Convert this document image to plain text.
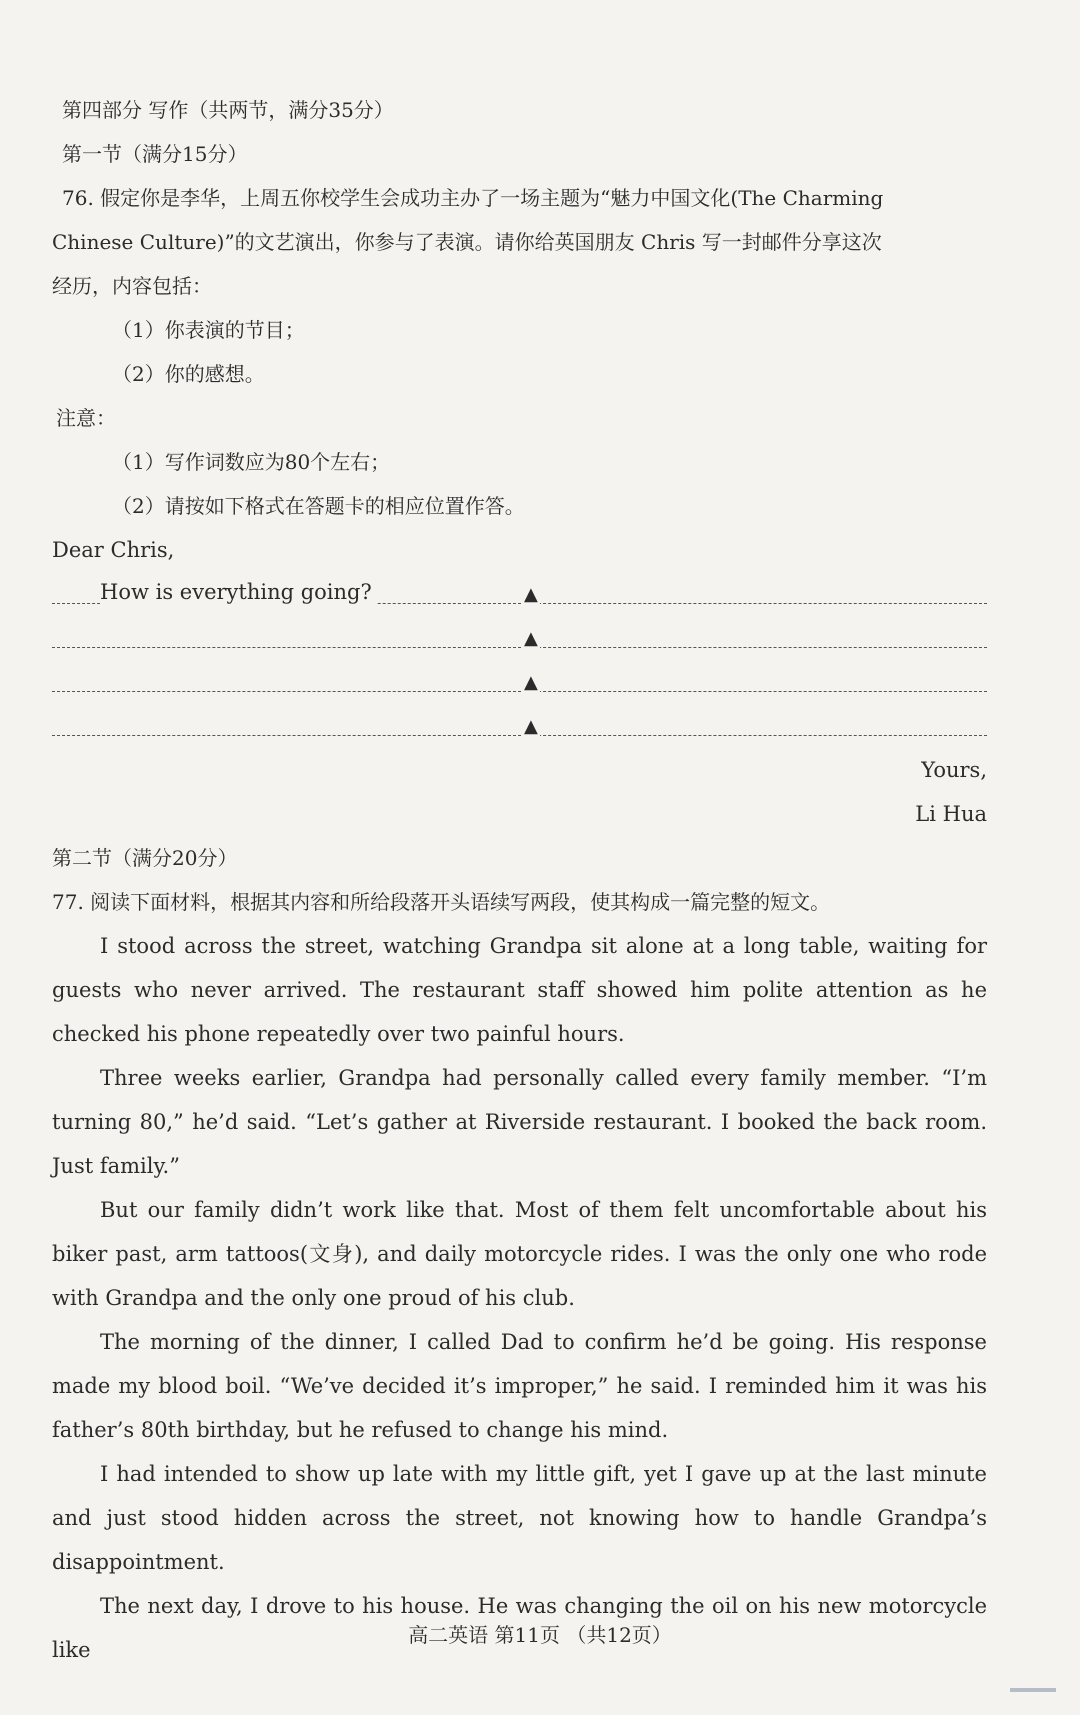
第四部分 写作（共两节，满分35分）
第一节（满分15分）
76. 假定你是李华，上周五你校学生会成功主办了一场主题为“魅力中国文化(The Charming
Chinese Culture)”的文艺演出，你参与了表演。请你给英国朋友 Chris 写一封邮件分享这次
经历，内容包括：
（1）你表演的节目；
（2）你的感想。
注意：
（1）写作词数应为80个左右；
（2）请按如下格式在答题卡的相应位置作答。
Dear Chris,
How is everything going?	▲
▲
▲
▲
Yours,
Li Hua
第二节（满分20分）
77. 阅读下面材料，根据其内容和所给段落开头语续写两段，使其构成一篇完整的短文。

I stood across the street, watching Grandpa sit alone at a long table, waiting for guests who never arrived. The restaurant staff showed him polite attention as he checked his phone repeatedly over two painful hours.

Three weeks earlier, Grandpa had personally called every family member. “I’m turning 80,” he’d said. “Let’s gather at Riverside restaurant. I booked the back room. Just family.”

But our family didn’t work like that. Most of them felt uncomfortable about his biker past, arm tattoos(文身), and daily motorcycle rides. I was the only one who rode with Grandpa and the only one proud of his club.

The morning of the dinner, I called Dad to confirm he’d be going. His response made my blood boil. “We’ve decided it’s improper,” he said. I reminded him it was his father’s 80th birthday, but he refused to change his mind.

I had intended to show up late with my little gift, yet I gave up at the last minute and just stood hidden across the street, not knowing how to handle Grandpa’s disappointment.

The next day, I drove to his house. He was changing the oil on his new motorcycle like

高二英语 第11页 （共12页）
